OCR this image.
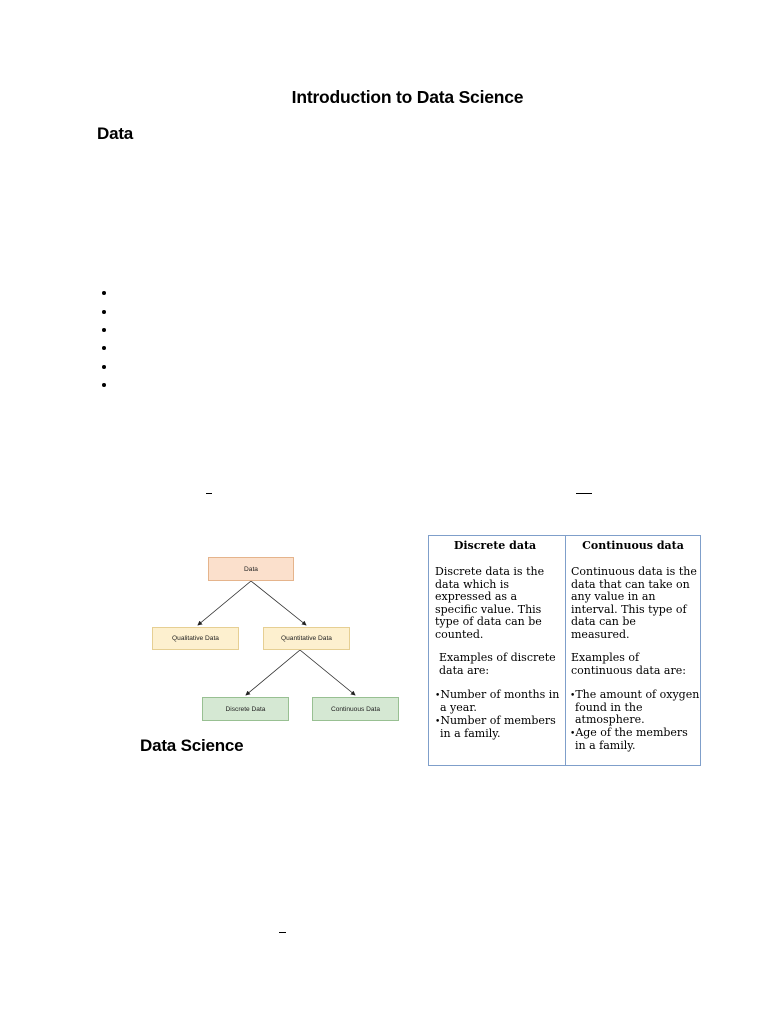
Introduction to Data Science
Data
Data
Qualitative Data	Quantitative Data
Discrete Data	Continuous Data
Data Science
Discrete data
Discrete data is the data which is expressed as a specific value. This type of data can be counted.
Examples of discrete data are:
• Number of months in a year.
• Number of members in a family.
Continuous data
Continuous data is the data that can take on any value in an interval. This type of data can be measured.
Examples of continuous data are:
• The amount of oxygen found in the atmosphere.
• Age of the members in a family.
